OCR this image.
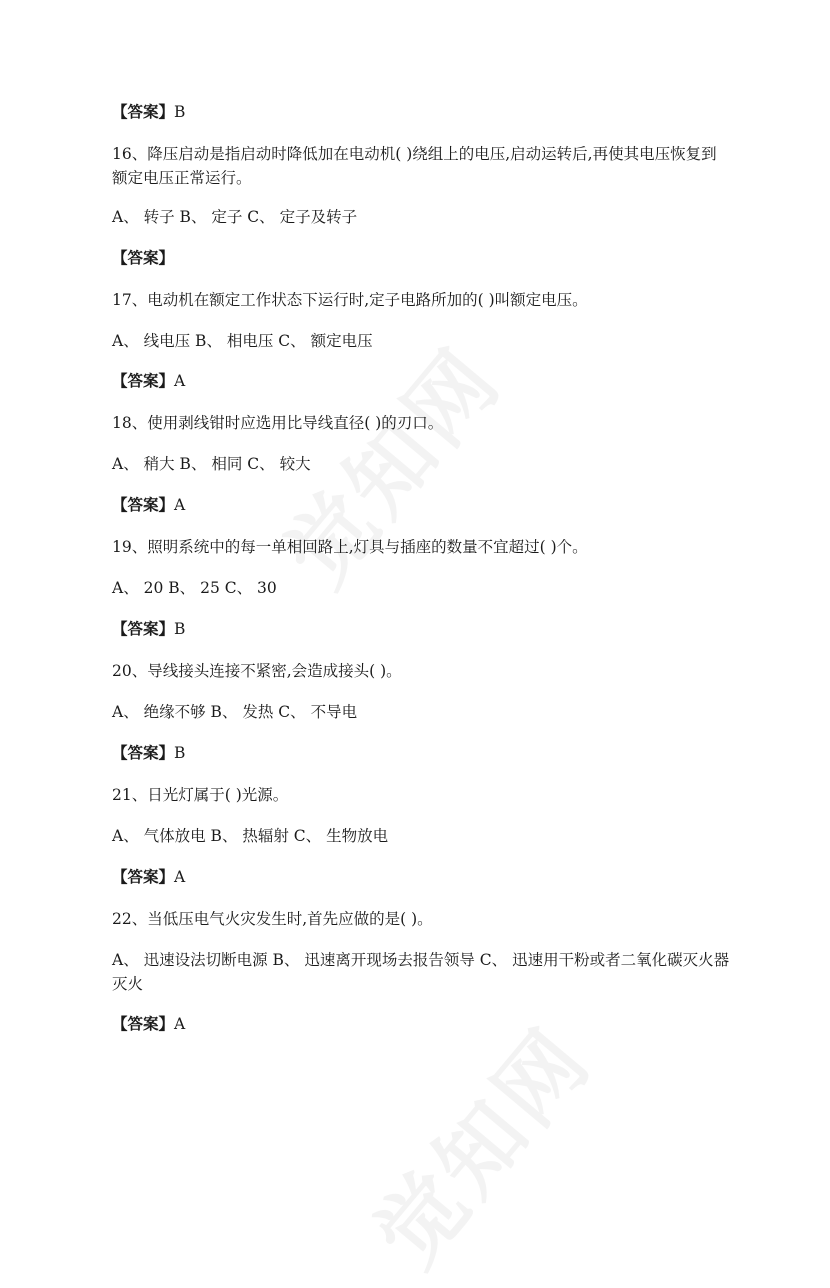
【答案】B
16、降压启动是指启动时降低加在电动机( )绕组上的电压,启动运转后,再使其电压恢复到额定电压正常运行。
A、 转子 B、 定子 C、 定子及转子
【答案】
17、电动机在额定工作状态下运行时,定子电路所加的( )叫额定电压。
A、 线电压 B、 相电压 C、 额定电压
【答案】A
18、使用剥线钳时应选用比导线直径( )的刃口。
A、 稍大 B、 相同 C、 较大
【答案】A
19、照明系统中的每一单相回路上,灯具与插座的数量不宜超过( )个。
A、 20 B、 25 C、 30
【答案】B
20、导线接头连接不紧密,会造成接头( )。
A、 绝缘不够 B、 发热 C、 不导电
【答案】B
21、日光灯属于( )光源。
A、 气体放电 B、 热辐射 C、 生物放电
【答案】A
22、当低压电气火灾发生时,首先应做的是( )。
A、 迅速设法切断电源 B、 迅速离开现场去报告领导 C、 迅速用干粉或者二氧化碳灭火器灭火
【答案】A
